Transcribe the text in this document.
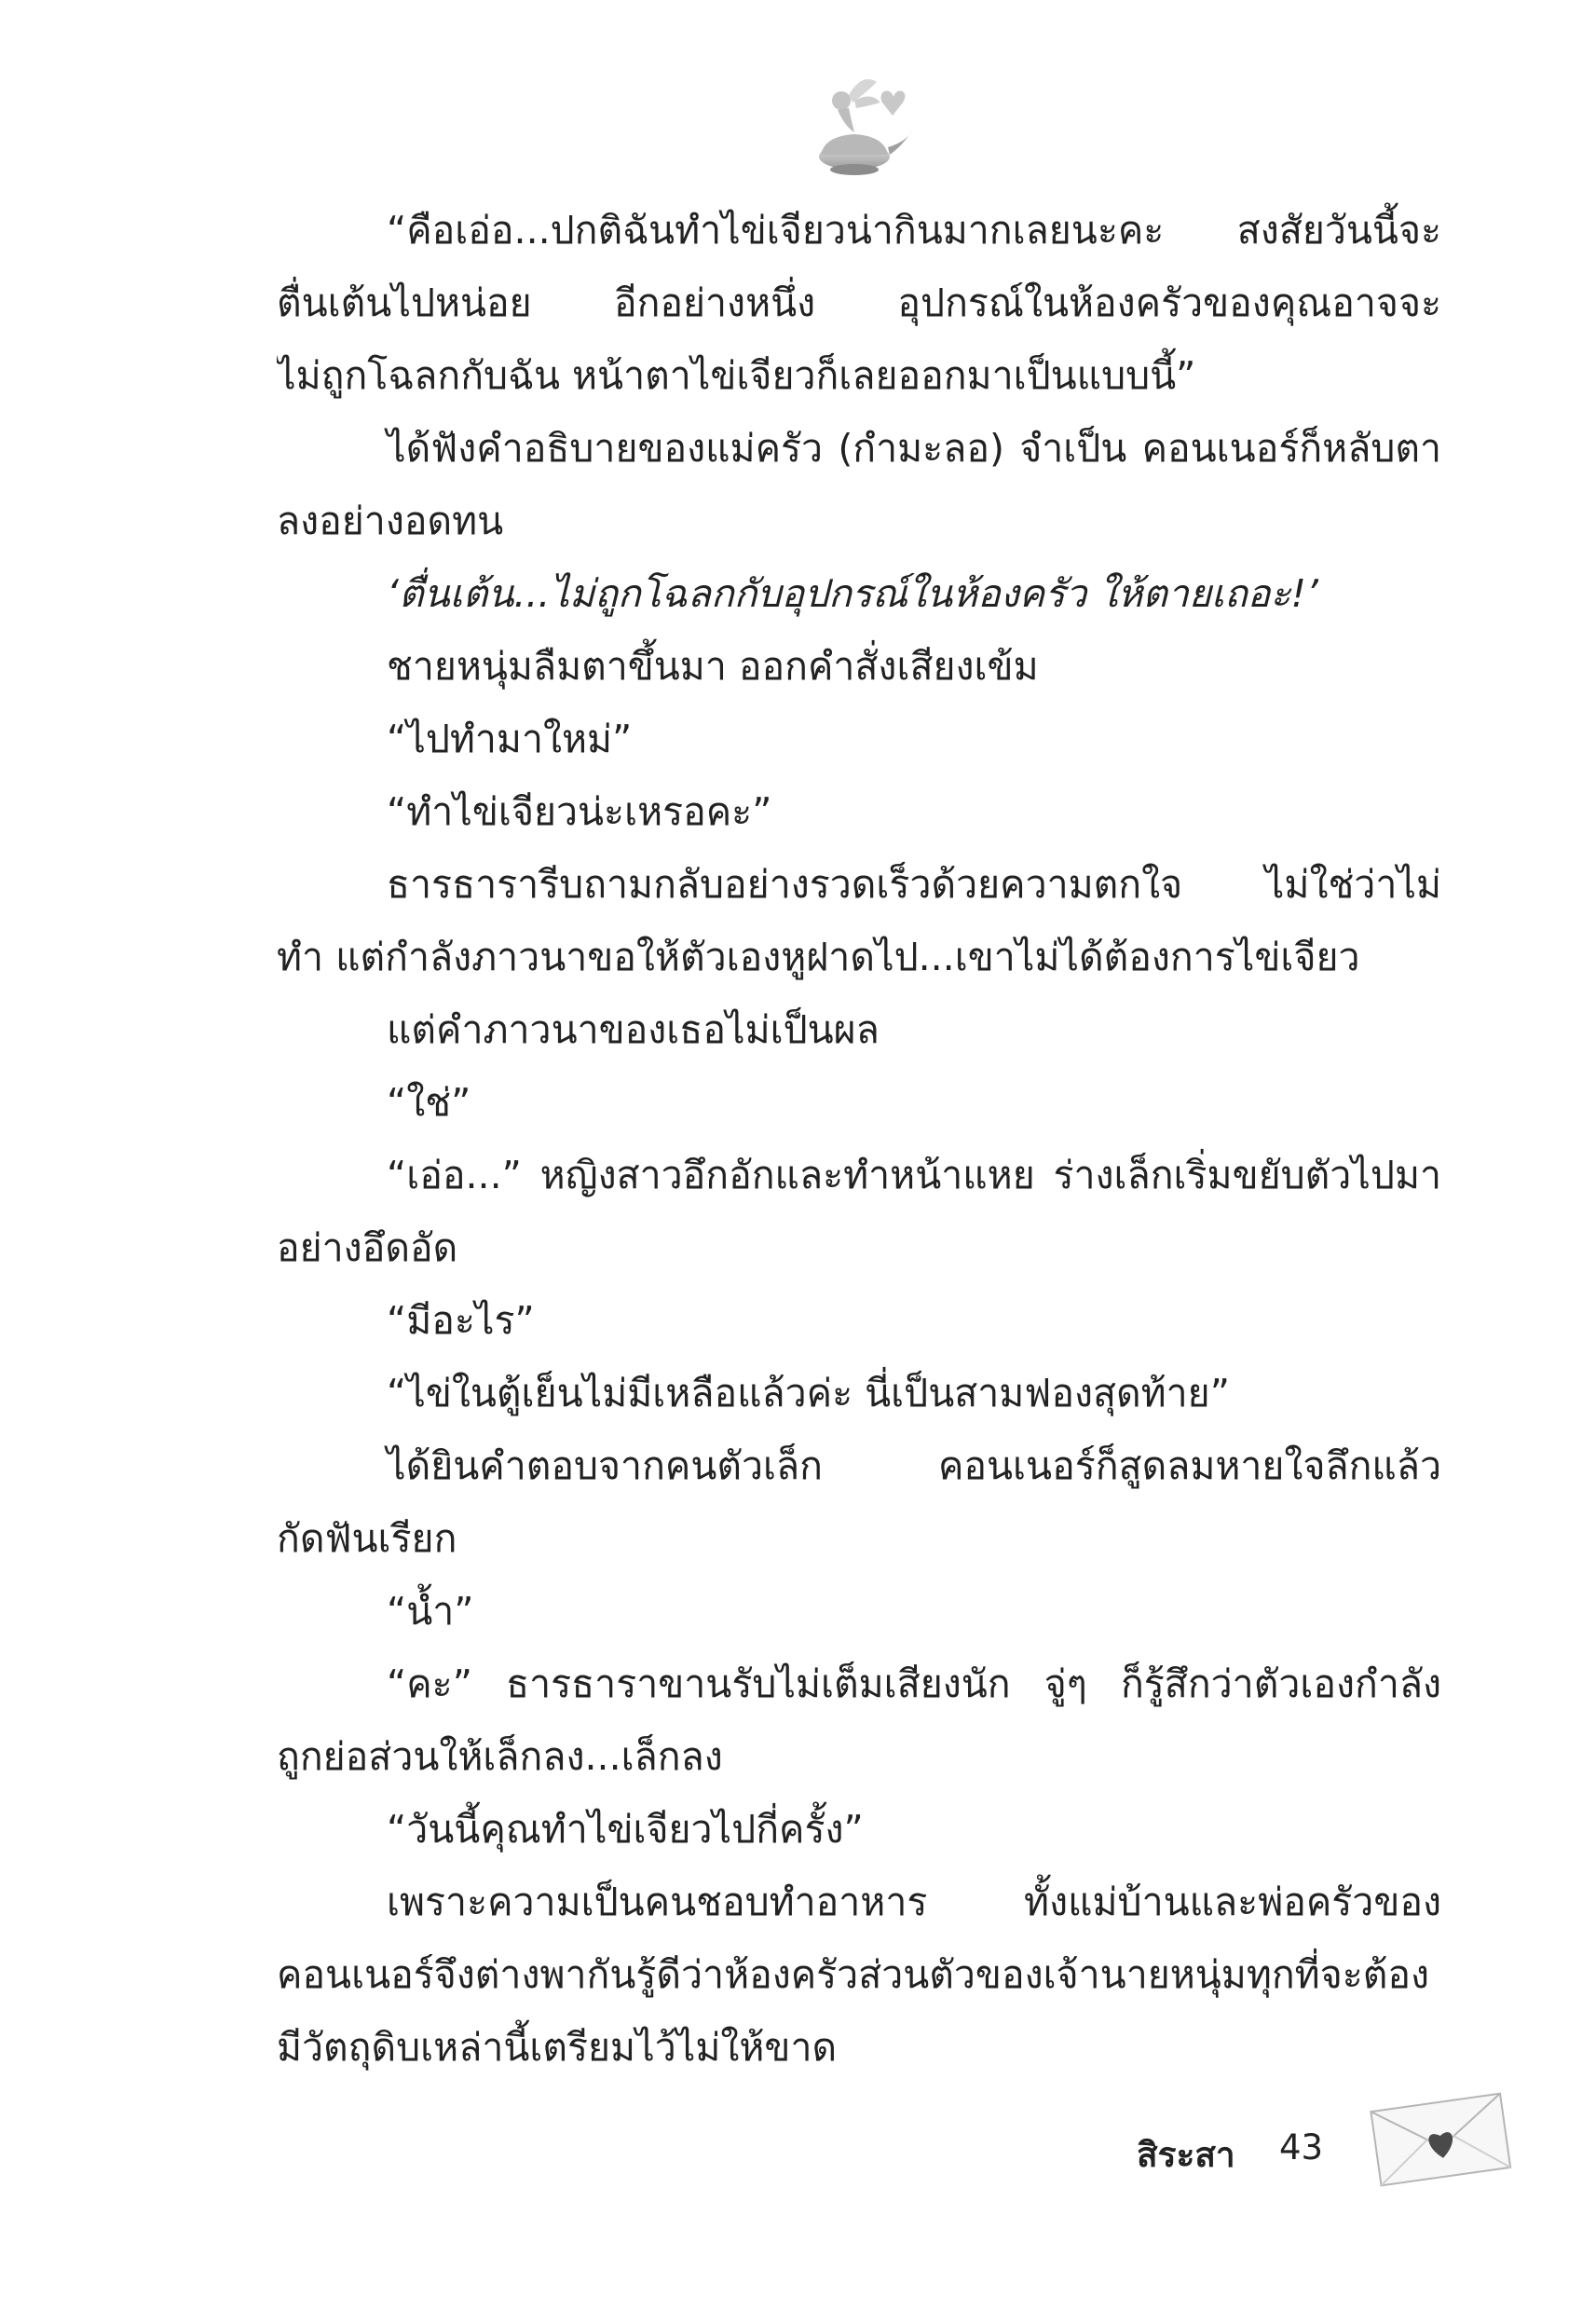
“คือเอ่อ...ปกติฉันทำไข่เจียวน่ากินมากเลยนะคะ สงสัยวันนี้จะ
ตื่นเต้นไปหน่อย อีกอย่างหนึ่ง อุปกรณ์ในห้องครัวของคุณอาจจะ
ไม่ถูกโฉลกกับฉัน หน้าตาไข่เจียวก็เลยออกมาเป็นแบบนี้”
ได้ฟังคำอธิบายของแม่ครัว (กำมะลอ) จำเป็น คอนเนอร์ก็หลับตา
ลงอย่างอดทน
‘ตื่นเต้น...ไม่ถูกโฉลกกับอุปกรณ์ในห้องครัว ให้ตายเถอะ!’
ชายหนุ่มลืมตาขึ้นมา ออกคำสั่งเสียงเข้ม
“ไปทำมาใหม่”
“ทำไข่เจียวน่ะเหรอคะ”
ธารธารารีบถามกลับอย่างรวดเร็วด้วยความตกใจ ไม่ใช่ว่าไม่
ทำ แต่กำลังภาวนาขอให้ตัวเองหูฝาดไป...เขาไม่ได้ต้องการไข่เจียว
แต่คำภาวนาของเธอไม่เป็นผล
“ใช่”
“เอ่อ...” หญิงสาวอึกอักและทำหน้าแหย ร่างเล็กเริ่มขยับตัวไปมา
อย่างอึดอัด
“มีอะไร”
“ไข่ในตู้เย็นไม่มีเหลือแล้วค่ะ นี่เป็นสามฟองสุดท้าย”
ได้ยินคำตอบจากคนตัวเล็ก คอนเนอร์ก็สูดลมหายใจลึกแล้ว
กัดฟันเรียก
“น้ำ”
“คะ” ธารธาราขานรับไม่เต็มเสียงนัก จู่ๆ ก็รู้สึกว่าตัวเองกำลัง
ถูกย่อส่วนให้เล็กลง...เล็กลง
“วันนี้คุณทำไข่เจียวไปกี่ครั้ง”
เพราะความเป็นคนชอบทำอาหาร ทั้งแม่บ้านและพ่อครัวของ
คอนเนอร์จึงต่างพากันรู้ดีว่าห้องครัวส่วนตัวของเจ้านายหนุ่มทุกที่จะต้อง
มีวัตถุดิบเหล่านี้เตรียมไว้ไม่ให้ขาด
สิระสา 43
